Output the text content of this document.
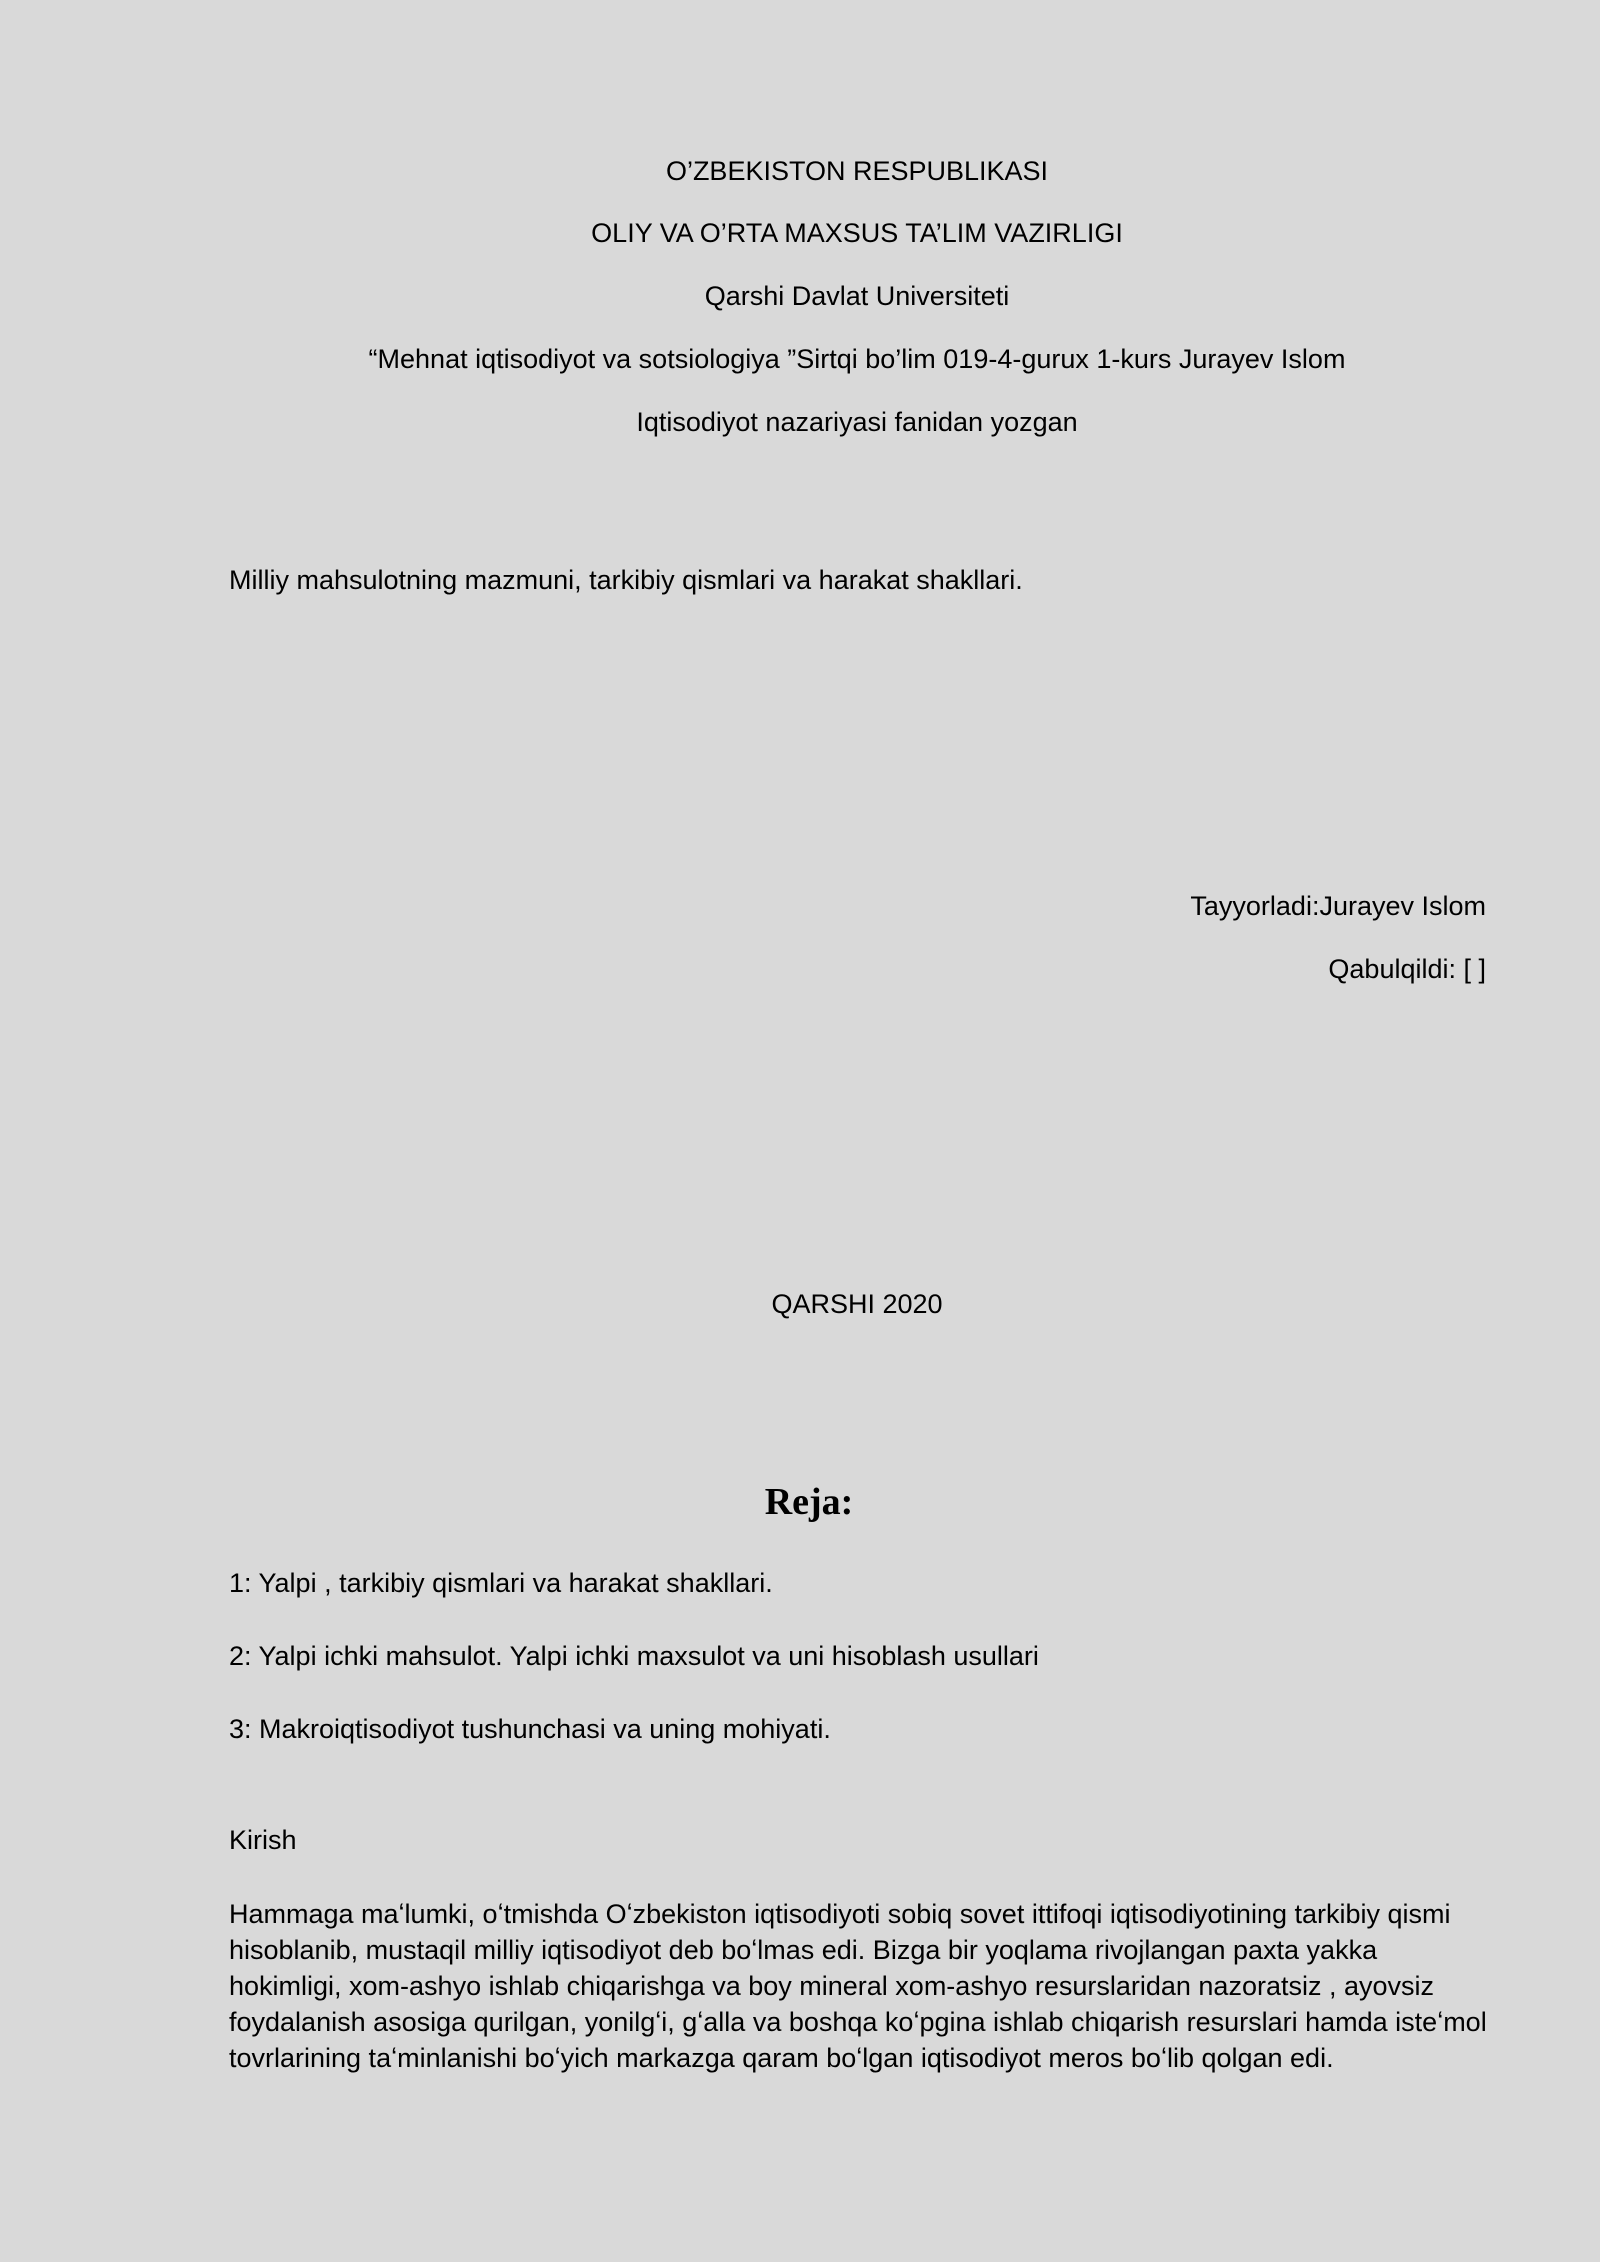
O’ZBEKISTON RESPUBLIKASI
OLIY VA O’RTA MAXSUS TA’LIM VAZIRLIGI
Qarshi Davlat Universiteti
“Mehnat iqtisodiyot va sotsiologiya ”Sirtqi bo’lim 019-4-gurux 1-kurs Jurayev Islom
Iqtisodiyot nazariyasi fanidan yozgan
Milliy mahsulotning mazmuni, tarkibiy qismlari va harakat shakllari.
Tayyorladi:Jurayev Islom
Qabulqildi: [ ]
QARSHI 2020
Reja:
1: Yalpi , tarkibiy qismlari va harakat shakllari.
2: Yalpi ichki mahsulot. Yalpi ichki maxsulot va uni hisoblash usullari
3: Makroiqtisodiyot tushunchasi va uning mohiyati.
Kirish
Hammaga maʻlumki, oʻtmishda Oʻzbekiston iqtisodiyoti sobiq sovet ittifoqi iqtisodiyotining tarkibiy qismi
hisoblanib, mustaqil milliy iqtisodiyot deb boʻlmas edi. Bizga bir yoqlama rivojlangan paxta yakka
hokimligi, xom-ashyo ishlab chiqarishga va boy mineral xom-ashyo resurslaridan nazoratsiz , ayovsiz
foydalanish asosiga qurilgan, yonilgʻi, gʻalla va boshqa koʻpgina ishlab chiqarish resurslari hamda isteʻmol
tovrlarining taʻminlanishi boʻyich markazga qaram boʻlgan iqtisodiyot meros boʻlib qolgan edi.
